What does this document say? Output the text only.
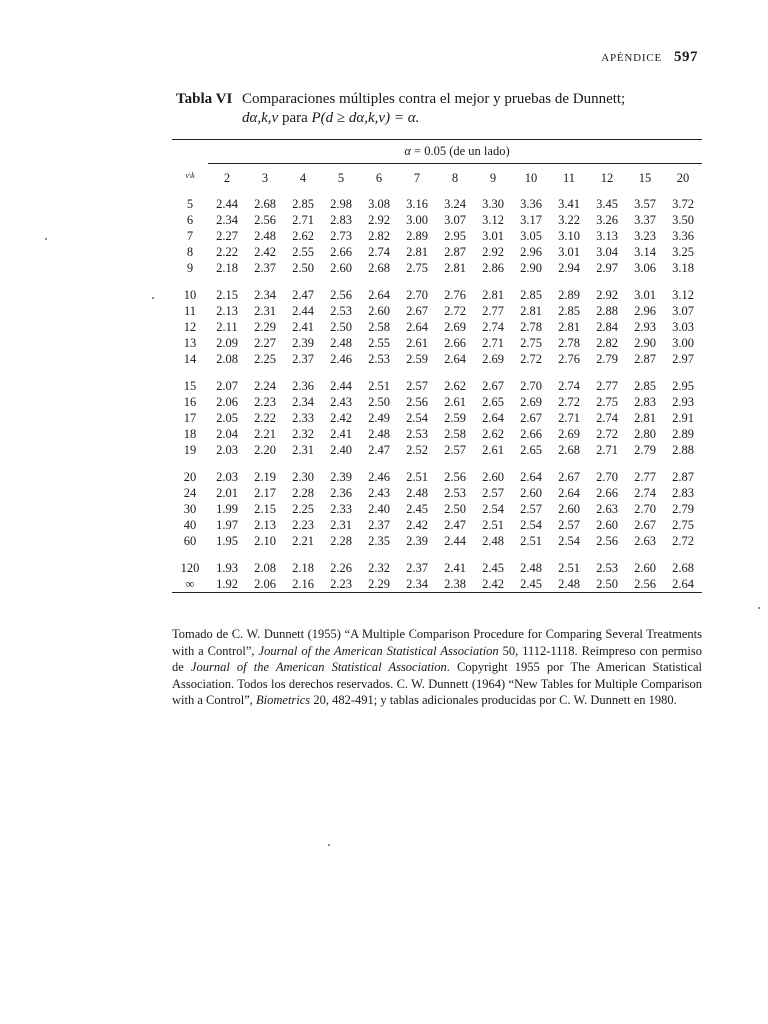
APÉNDICE 597
Tabla VI Comparaciones múltiples contra el mejor y pruebas de Dunnett;
dα,k,ν para P(d ≥ dα,k,ν) = α.
α = 0.05 (de un lado)
$^{\nu\backslash k}$	2	3	4	5	6	7	8	9	10	11	12	15	20
5	2.44	2.68	2.85	2.98	3.08	3.16	3.24	3.30	3.36	3.41	3.45	3.57	3.72
6	2.34	2.56	2.71	2.83	2.92	3.00	3.07	3.12	3.17	3.22	3.26	3.37	3.50
7	2.27	2.48	2.62	2.73	2.82	2.89	2.95	3.01	3.05	3.10	3.13	3.23	3.36
8	2.22	2.42	2.55	2.66	2.74	2.81	2.87	2.92	2.96	3.01	3.04	3.14	3.25
9	2.18	2.37	2.50	2.60	2.68	2.75	2.81	2.86	2.90	2.94	2.97	3.06	3.18

10	2.15	2.34	2.47	2.56	2.64	2.70	2.76	2.81	2.85	2.89	2.92	3.01	3.12
11	2.13	2.31	2.44	2.53	2.60	2.67	2.72	2.77	2.81	2.85	2.88	2.96	3.07
12	2.11	2.29	2.41	2.50	2.58	2.64	2.69	2.74	2.78	2.81	2.84	2.93	3.03
13	2.09	2.27	2.39	2.48	2.55	2.61	2.66	2.71	2.75	2.78	2.82	2.90	3.00
14	2.08	2.25	2.37	2.46	2.53	2.59	2.64	2.69	2.72	2.76	2.79	2.87	2.97

15	2.07	2.24	2.36	2.44	2.51	2.57	2.62	2.67	2.70	2.74	2.77	2.85	2.95
16	2.06	2.23	2.34	2.43	2.50	2.56	2.61	2.65	2.69	2.72	2.75	2.83	2.93
17	2.05	2.22	2.33	2.42	2.49	2.54	2.59	2.64	2.67	2.71	2.74	2.81	2.91
18	2.04	2.21	2.32	2.41	2.48	2.53	2.58	2.62	2.66	2.69	2.72	2.80	2.89
19	2.03	2.20	2.31	2.40	2.47	2.52	2.57	2.61	2.65	2.68	2.71	2.79	2.88

20	2.03	2.19	2.30	2.39	2.46	2.51	2.56	2.60	2.64	2.67	2.70	2.77	2.87
24	2.01	2.17	2.28	2.36	2.43	2.48	2.53	2.57	2.60	2.64	2.66	2.74	2.83
30	1.99	2.15	2.25	2.33	2.40	2.45	2.50	2.54	2.57	2.60	2.63	2.70	2.79
40	1.97	2.13	2.23	2.31	2.37	2.42	2.47	2.51	2.54	2.57	2.60	2.67	2.75
60	1.95	2.10	2.21	2.28	2.35	2.39	2.44	2.48	2.51	2.54	2.56	2.63	2.72

120	1.93	2.08	2.18	2.26	2.32	2.37	2.41	2.45	2.48	2.51	2.53	2.60	2.68
∞	1.92	2.06	2.16	2.23	2.29	2.34	2.38	2.42	2.45	2.48	2.50	2.56	2.64
Tomado de C. W. Dunnett (1955) “A Multiple Comparison Procedure for Comparing Several Treatments with a Control”, Journal of the American Statistical Association 50, 1112-1118. Reimpreso con permiso de Journal of the American Statistical Association. Copyright 1955 por The American Statistical Association. Todos los derechos reservados. C. W. Dunnett (1964) “New Tables for Multiple Comparison with a Control”, Biometrics 20, 482-491; y tablas adicionales producidas por C. W. Dunnett en 1980.
